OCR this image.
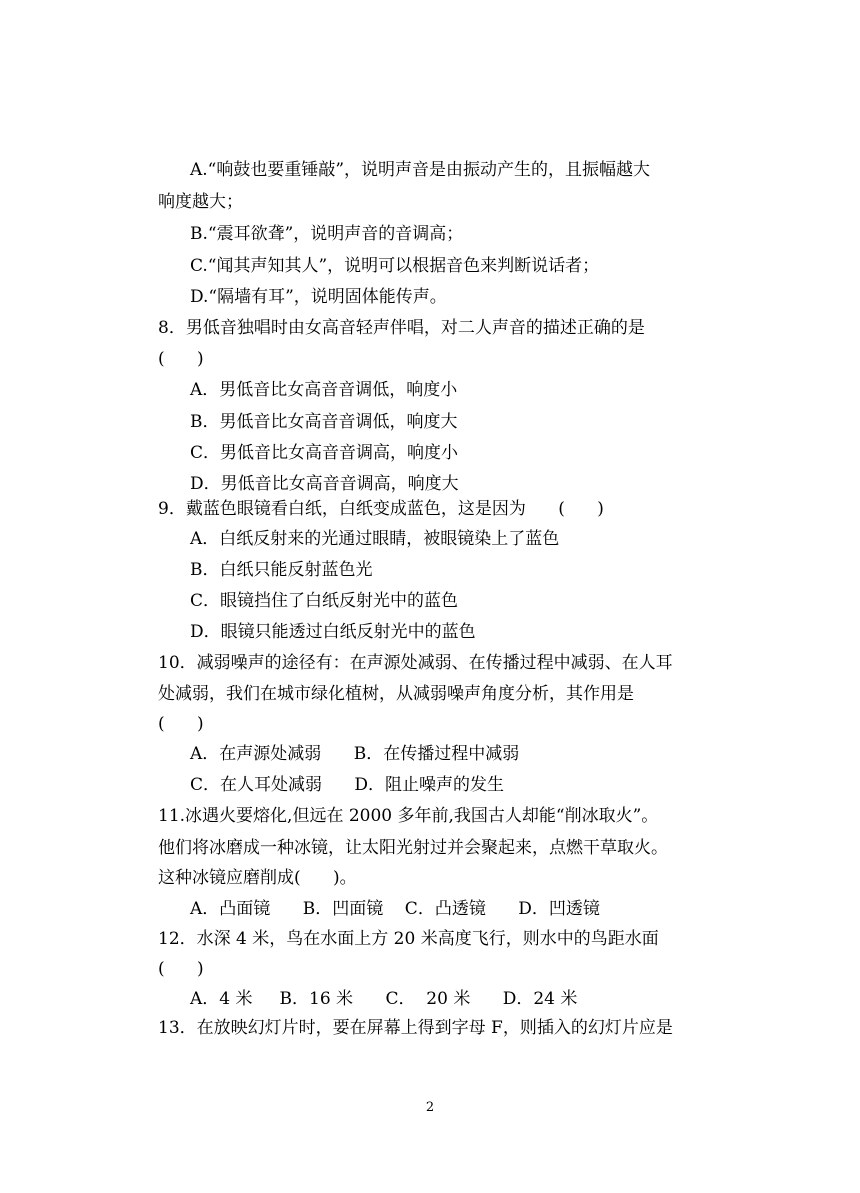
A.“响鼓也要重锤敲”，说明声音是由振动产生的，且振幅越大
响度越大；
B.“震耳欲聋”，说明声音的音调高；
C.“闻其声知其人”，说明可以根据音色来判断说话者；
D.“隔墙有耳”，说明固体能传声。
8．男低音独唱时由女高音轻声伴唱，对二人声音的描述正确的是
(      )
A．男低音比女高音音调低，响度小
B．男低音比女高音音调低，响度大
C．男低音比女高音音调高，响度小
D．男低音比女高音音调高，响度大
9．戴蓝色眼镜看白纸，白纸变成蓝色，这是因为      (      )
A．白纸反射来的光通过眼睛，被眼镜染上了蓝色
B．白纸只能反射蓝色光
C．眼镜挡住了白纸反射光中的蓝色
D．眼镜只能透过白纸反射光中的蓝色
10．减弱噪声的途径有：在声源处减弱、在传播过程中减弱、在人耳
处减弱，我们在城市绿化植树，从减弱噪声角度分析，其作用是
(      )
A．在声源处减弱      B．在传播过程中减弱
C．在人耳处减弱      D．阻止噪声的发生
11.冰遇火要熔化,但远在 2000 多年前,我国古人却能“削冰取火”。
他们将冰磨成一种冰镜，让太阳光射过并会聚起来，点燃干草取火。
这种冰镜应磨削成(      )。
A．凸面镜      B．凹面镜    C．凸透镜      D．凹透镜
12．水深 4 米，鸟在水面上方 20 米高度飞行，则水中的鸟距水面
(      )
A．4 米     B．16 米      C．  20 米      D．24 米
13．在放映幻灯片时，要在屏幕上得到字母 F，则插入的幻灯片应是
2
